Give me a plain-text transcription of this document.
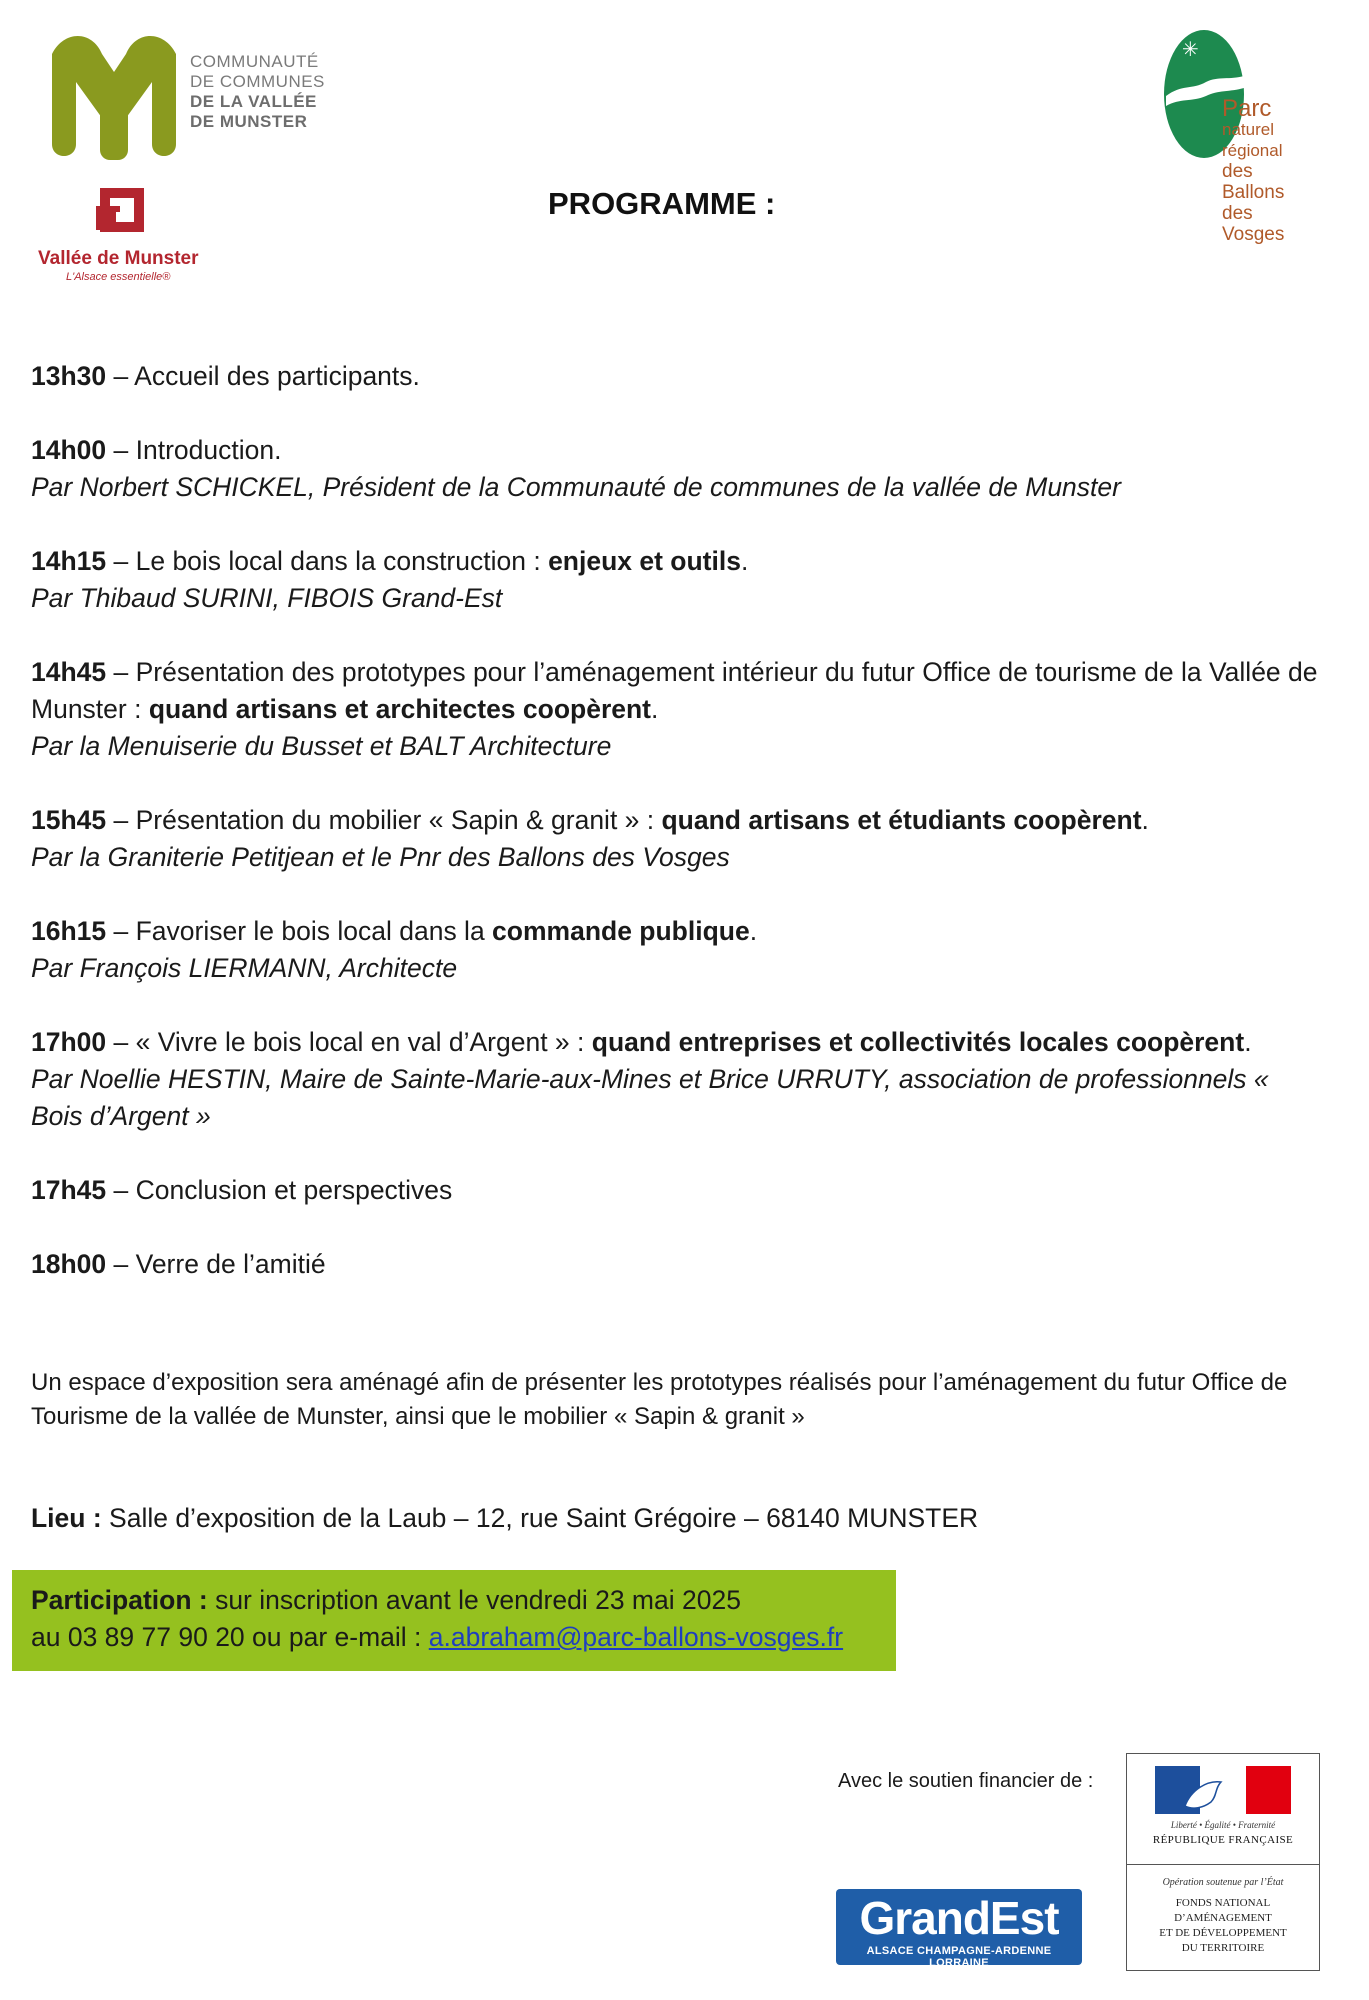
COMMUNAUTÉ
DE COMMUNES
DE LA VALLÉE
DE MUNSTER
Vallée de Munster
L'Alsace essentielle®
✳
Parc
naturel
régional
des Ballons
des Vosges
PROGRAMME :
13h30 – Accueil des participants.
14h00 – Introduction.
Par Norbert SCHICKEL, Président de la Communauté de communes de la vallée de Munster
14h15 – Le bois local dans la construction : enjeux et outils.
Par Thibaud SURINI, FIBOIS Grand-Est
14h45 – Présentation des prototypes pour l’aménagement intérieur du futur Office de tourisme de la Vallée de Munster : quand artisans et architectes coopèrent.
Par la Menuiserie du Busset et BALT Architecture
15h45 – Présentation du mobilier « Sapin & granit » : quand artisans et étudiants coopèrent.
Par la Graniterie Petitjean et le Pnr des Ballons des Vosges
16h15 – Favoriser le bois local dans la commande publique.
Par François LIERMANN, Architecte
17h00 – « Vivre le bois local en val d’Argent » : quand entreprises et collectivités locales coopèrent.
Par Noellie HESTIN, Maire de Sainte-Marie-aux-Mines et Brice URRUTY, association de professionnels « Bois d’Argent »
17h45 – Conclusion et perspectives
18h00 – Verre de l’amitié
Un espace d’exposition sera aménagé afin de présenter les prototypes réalisés pour l’aménagement du futur Office de Tourisme de la vallée de Munster, ainsi que le mobilier « Sapin & granit »
Lieu : Salle d’exposition de la Laub – 12, rue Saint Grégoire – 68140 MUNSTER
Participation : sur inscription avant le vendredi 23 mai 2025
au 03 89 77 90 20 ou par e-mail : a.abraham@parc-ballons-vosges.fr
Avec le soutien financier de :
Liberté • Égalité • Fraternité
RÉPUBLIQUE FRANÇAISE
Opération soutenue par l’État
FONDS NATIONAL
D’AMÉNAGEMENT
ET DE DÉVELOPPEMENT
DU TERRITOIRE
GrandEst
ALSACE CHAMPAGNE-ARDENNE LORRAINE
